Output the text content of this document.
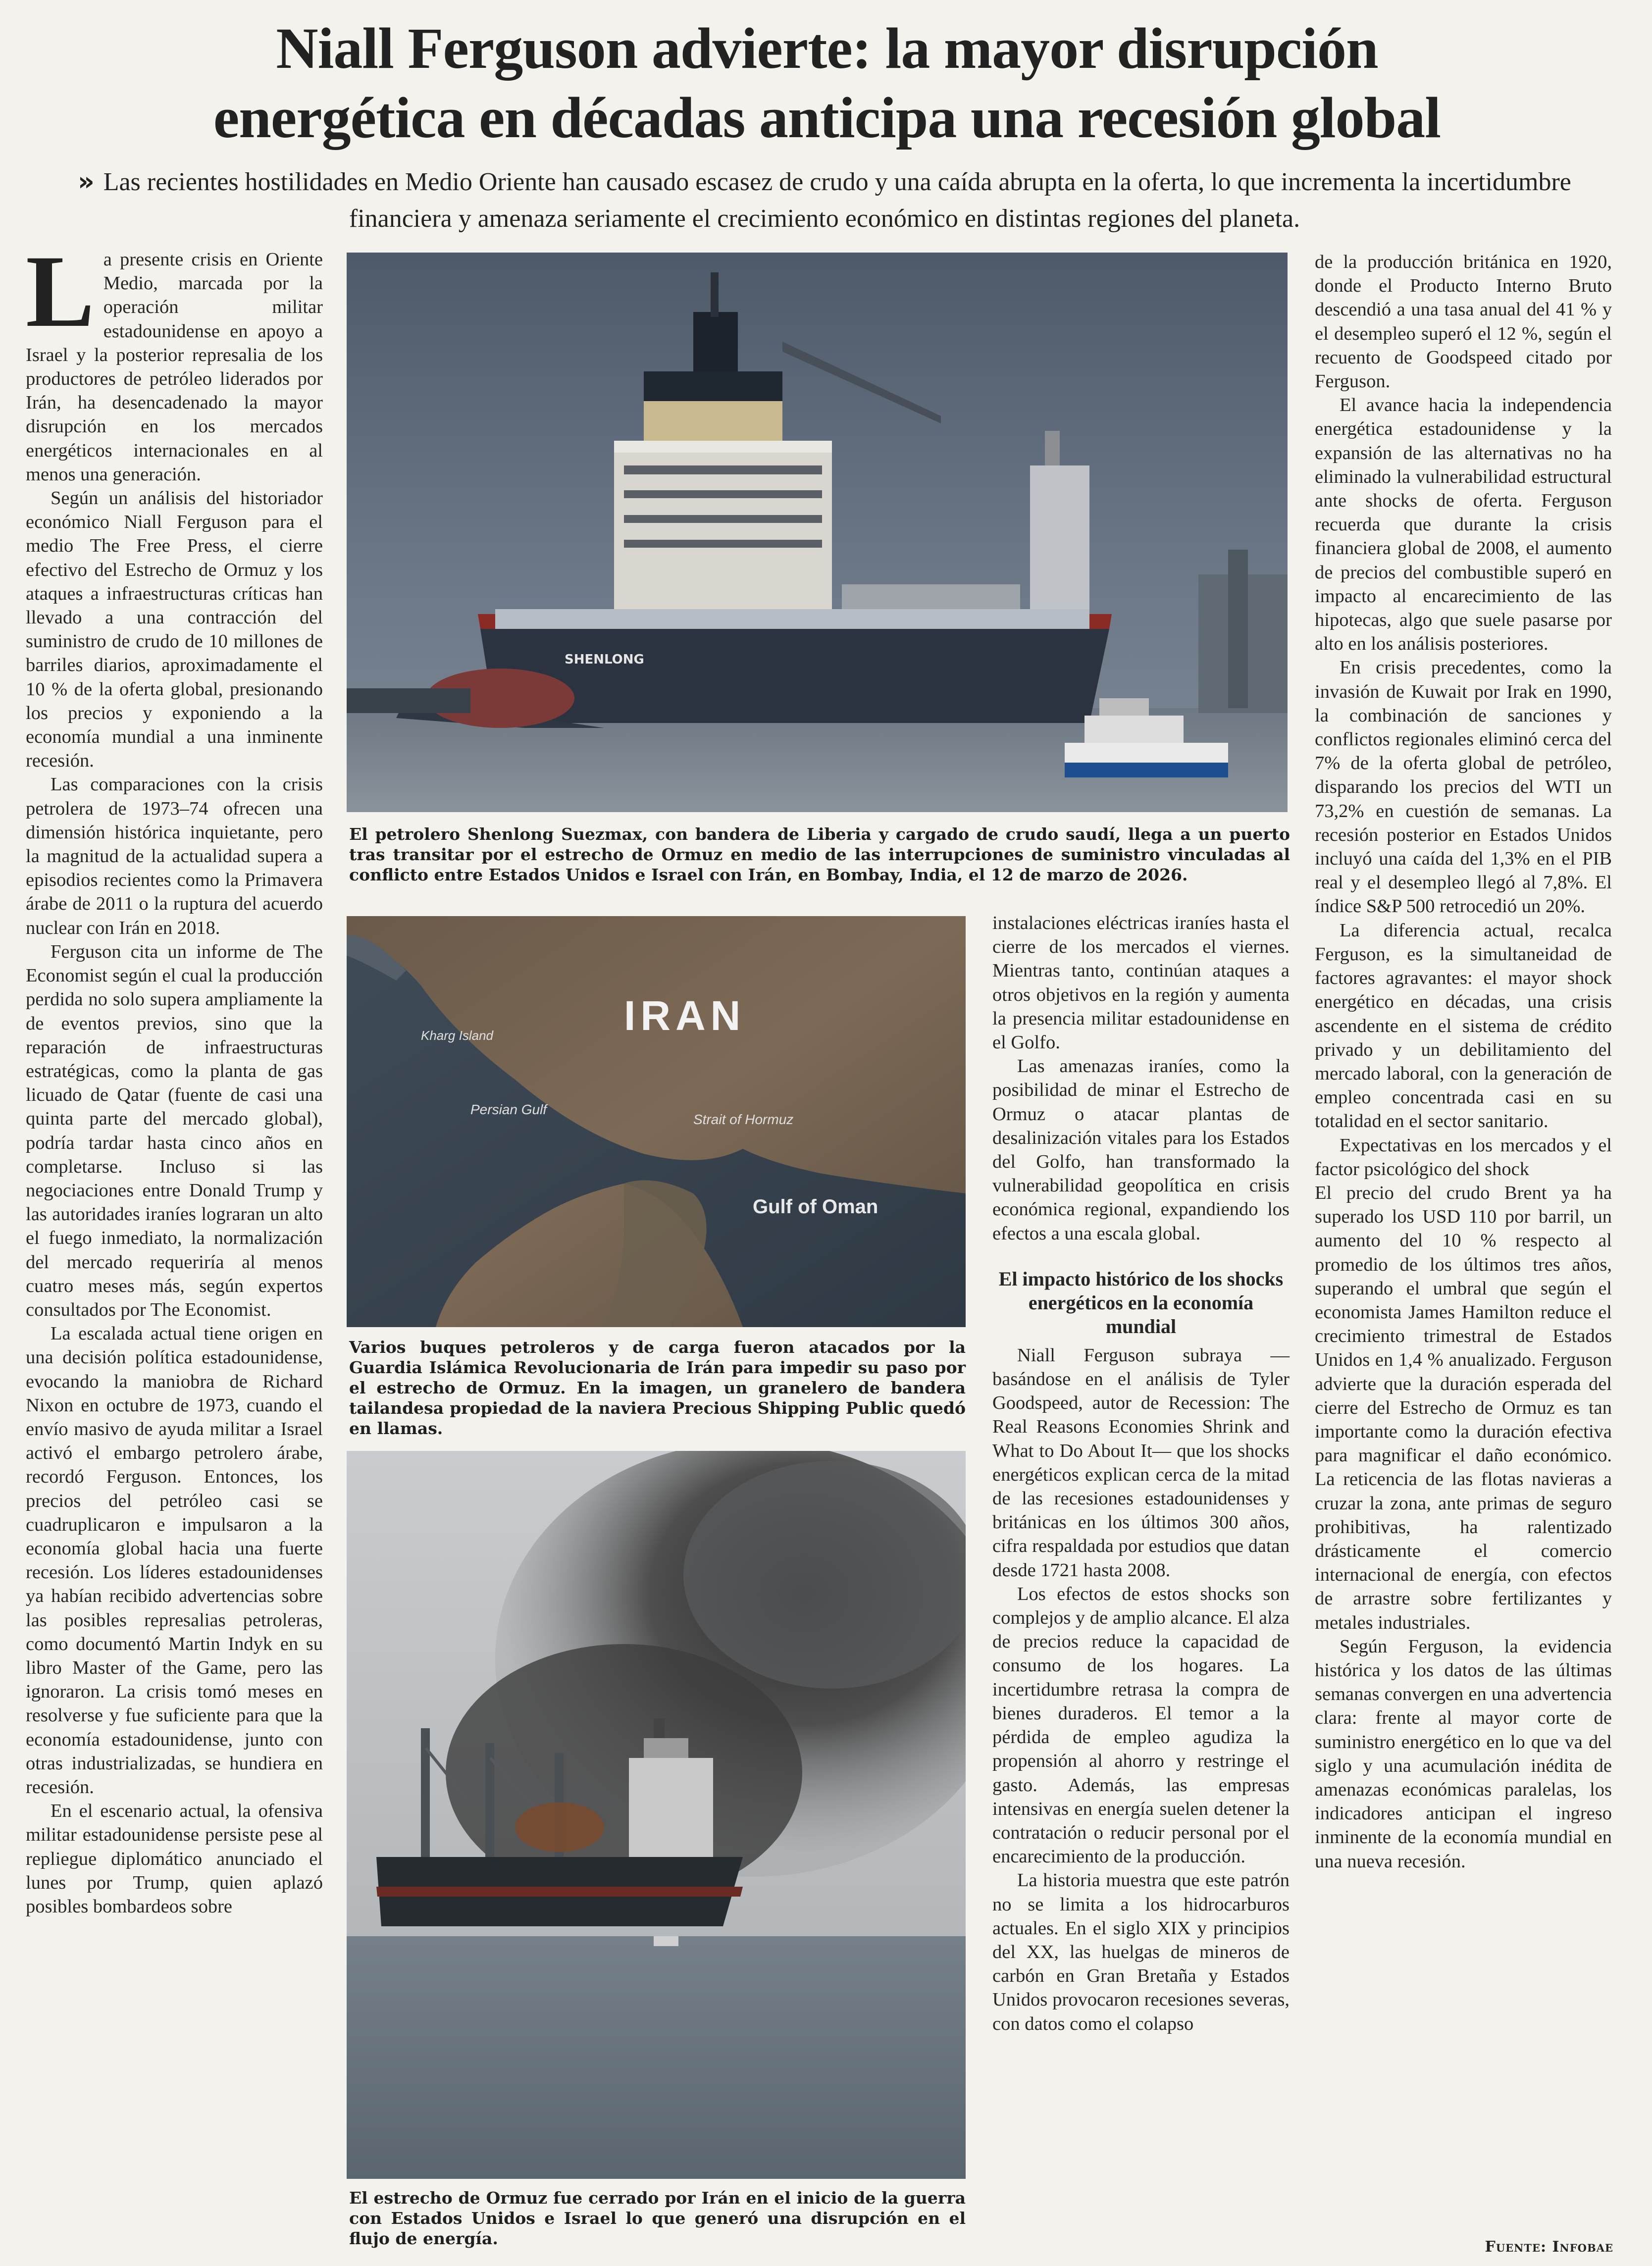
Niall Ferguson advierte: la mayor disrupción
energética en décadas anticipa una recesión global
» Las recientes hostilidades en Medio Oriente han causado escasez de crudo y una caída abrupta en la oferta, lo que incrementa la incertidumbre financiera y amenaza seriamente el crecimiento económico en distintas regiones del planeta.

La presente crisis en Oriente Medio, marcada por la operación militar estadounidense en apoyo a Israel y la posterior represalia de los productores de petróleo liderados por Irán, ha desencadenado la mayor disrupción en los mercados energéticos internacionales en al menos una generación.

Según un análisis del historiador económico Niall Ferguson para el medio The Free Press, el cierre efectivo del Estrecho de Ormuz y los ataques a infraestructuras críticas han llevado a una contracción del suministro de crudo de 10 millones de barriles diarios, aproximadamente el 10 % de la oferta global, presionando los precios y exponiendo a la economía mundial a una inminente recesión.

Las comparaciones con la crisis petrolera de 1973–74 ofrecen una dimensión histórica inquietante, pero la magnitud de la actualidad supera a episodios recientes como la Primavera árabe de 2011 o la ruptura del acuerdo nuclear con Irán en 2018.

Ferguson cita un informe de The Economist según el cual la producción perdida no solo supera ampliamente la de eventos previos, sino que la reparación de infraestructuras estratégicas, como la planta de gas licuado de Qatar (fuente de casi una quinta parte del mercado global), podría tardar hasta cinco años en completarse. Incluso si las negociaciones entre Donald Trump y las autoridades iraníes lograran un alto el fuego inmediato, la normalización del mercado requeriría al menos cuatro meses más, según expertos consultados por The Economist.

La escalada actual tiene origen en una decisión política estadounidense, evocando la maniobra de Richard Nixon en octubre de 1973, cuando el envío masivo de ayuda militar a Israel activó el embargo petrolero árabe, recordó Ferguson. Entonces, los precios del petróleo casi se cuadruplicaron e impulsaron a la economía global hacia una fuerte recesión. Los líderes estadounidenses ya habían recibido advertencias sobre las posibles represalias petroleras, como documentó Martin Indyk en su libro Master of the Game, pero las ignoraron. La crisis tomó meses en resolverse y fue suficiente para que la economía estadounidense, junto con otras industrializadas, se hundiera en recesión.

En el escenario actual, la ofensiva militar estadounidense persiste pese al repliegue diplomático anunciado el lunes por Trump, quien aplazó posibles bombardeos sobre

SHENLONG
El petrolero Shenlong Suezmax, con bandera de Liberia y cargado de crudo saudí, llega a un puerto tras transitar por el estrecho de Ormuz en medio de las interrupciones de suministro vinculadas al conflicto entre Estados Unidos e Israel con Irán, en Bombay, India, el 12 de marzo de 2026.

instalaciones eléctricas iraníes hasta el cierre de los mercados el viernes. Mientras tanto, continúan ataques a otros objetivos en la región y aumenta la presencia militar estadounidense en el Golfo.

Las amenazas iraníes, como la posibilidad de minar el Estrecho de Ormuz o atacar plantas de desalinización vitales para los Estados del Golfo, han transformado la vulnerabilidad geopolítica en crisis económica regional, expandiendo los efectos a una escala global.

El impacto histórico de los shocks energéticos en la economía mundial

Niall Ferguson subraya —basándose en el análisis de Tyler Goodspeed, autor de Recession: The Real Reasons Economies Shrink and What to Do About It— que los shocks energéticos explican cerca de la mitad de las recesiones estadounidenses y británicas en los últimos 300 años, cifra respaldada por estudios que datan desde 1721 hasta 2008.

Los efectos de estos shocks son complejos y de amplio alcance. El alza de precios reduce la capacidad de consumo de los hogares. La incertidumbre retrasa la compra de bienes duraderos. El temor a la pérdida de empleo agudiza la propensión al ahorro y restringe el gasto. Además, las empresas intensivas en energía suelen detener la contratación o reducir personal por el encarecimiento de la producción.

La historia muestra que este patrón no se limita a los hidrocarburos actuales. En el siglo XIX y principios del XX, las huelgas de mineros de carbón en Gran Bretaña y Estados Unidos provocaron recesiones severas, con datos como el colapso

IRAN
Kharg Island
Persian Gulf
Strait of Hormuz
Gulf of Oman
Varios buques petroleros y de carga fueron atacados por la Guardia Islámica Revolucionaria de Irán para impedir su paso por el estrecho de Ormuz. En la imagen, un granelero de bandera tailandesa propiedad de la naviera Precious Shipping Public quedó en llamas.
El estrecho de Ormuz fue cerrado por Irán en el inicio de la guerra con Estados Unidos e Israel lo que generó una disrupción en el flujo de energía.

de la producción británica en 1920, donde el Producto Interno Bruto descendió a una tasa anual del 41 % y el desempleo superó el 12 %, según el recuento de Goodspeed citado por Ferguson.

El avance hacia la independencia energética estadounidense y la expansión de las alternativas no ha eliminado la vulnerabilidad estructural ante shocks de oferta. Ferguson recuerda que durante la crisis financiera global de 2008, el aumento de precios del combustible superó en impacto al encarecimiento de las hipotecas, algo que suele pasarse por alto en los análisis posteriores.

En crisis precedentes, como la invasión de Kuwait por Irak en 1990, la combinación de sanciones y conflictos regionales eliminó cerca del 7% de la oferta global de petróleo, disparando los precios del WTI un 73,2% en cuestión de semanas. La recesión posterior en Estados Unidos incluyó una caída del 1,3% en el PIB real y el desempleo llegó al 7,8%. El índice S&P 500 retrocedió un 20%.

La diferencia actual, recalca Ferguson, es la simultaneidad de factores agravantes: el mayor shock energético en décadas, una crisis ascendente en el sistema de crédito privado y un debilitamiento del mercado laboral, con la generación de empleo concentrada casi en su totalidad en el sector sanitario.

Expectativas en los mercados y el factor psicológico del shock

El precio del crudo Brent ya ha superado los USD 110 por barril, un aumento del 10 % respecto al promedio de los últimos tres años, superando el umbral que según el economista James Hamilton reduce el crecimiento trimestral de Estados Unidos en 1,4 % anualizado. Ferguson advierte que la duración esperada del cierre del Estrecho de Ormuz es tan importante como la duración efectiva para magnificar el daño económico. La reticencia de las flotas navieras a cruzar la zona, ante primas de seguro prohibitivas, ha ralentizado drásticamente el comercio internacional de energía, con efectos de arrastre sobre fertilizantes y metales industriales.

Según Ferguson, la evidencia histórica y los datos de las últimas semanas convergen en una advertencia clara: frente al mayor corte de suministro energético en lo que va del siglo y una acumulación inédita de amenazas económicas paralelas, los indicadores anticipan el ingreso inminente de la economía mundial en una nueva recesión.

Fuente: Infobae
